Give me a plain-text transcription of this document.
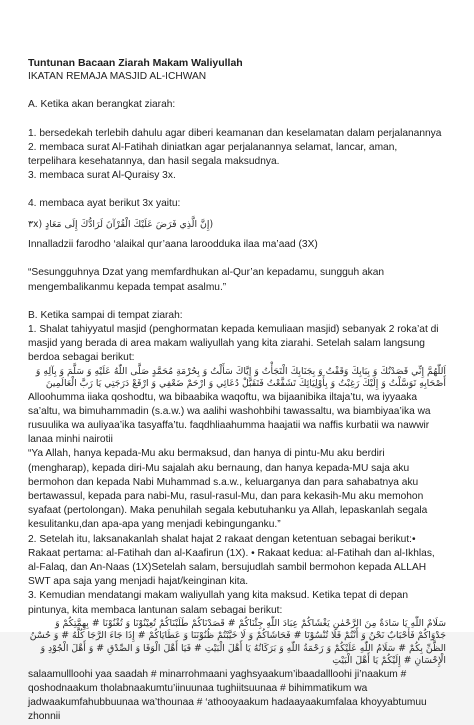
Tuntunan Bacaan Ziarah Makam Waliyullah

IKATAN REMAJA MASJID AL-ICHWAN

A. Ketika akan berangkat ziarah:

1. bersedekah terlebih dahulu agar diberi keamanan dan keselamatan dalam perjalanannya

2. membaca surat Al-Fatihah diniatkan agar perjalanannya selamat, lancar, aman, terpelihara kesehatannya, dan hasil segala maksudnya.

3. membaca surat Al-Quraisy 3x.

4. membaca ayat berikut 3x yaitu:

(إِنَّ الَّذِي فَرَضَ عَلَيْكَ الْقُرْآنَ لَرَادُّكَ إِلَى مَعَادٍ (٣x

Innalladzii farodho ‘alaikal qur’aana laroodduka ilaa ma’aad (3X)

“Sesungguhnya Dzat yang memfardhukan al-Qur’an kepadamu, sungguh akan mengembalikanmu kepada tempat asalmu.”

B. Ketika sampai di tempat ziarah:

1. Shalat tahiyyatul masjid (penghormatan kepada kemuliaan masjid) sebanyak 2 roka’at di masjid yang berada di area makam waliyullah yang kita ziarahi. Setelah salam langsung berdoa sebagai berikut:

اَللّٰهُمَّ إِنِّي قَصَدْتُكَ وَ بِبَابِكَ وَقَفْتُ وَ بِجَنَابِكَ الْتَجَأْتُ وَ إِيَّاكَ سَأَلْتُ وَ بِحُرْمَةِ مُحَمَّدٍ صَلَّى اللّٰهُ عَلَيْهِ وَ سَلَّمَ وَ بِآلِهِ وَ أَصْحَابِهِ تَوَسَّلْتُ وَ إِلَيْكَ رَغِبْتُ وَ بِأَوْلِيَائِكَ تَشَفَّعْتُ فَتَقَبَّلْ دُعَائِي وَ ارْحَمْ ضَعْفِي وَ ارْفَعْ دَرَجَتِي يَا رَبَّ الْعَالَمِينَ

Alloohumma iiaka qoshodtu, wa bibaabika waqoftu, wa bijaanibika iltaja’tu, wa iyyaaka sa’altu, wa bimuhammadin (s.a.w.) wa aalihi washohbihi tawassaltu, wa biambiyaa’ika wa rusuulika wa auliyaa’ika tasyaffa’tu. faqdhliaahumma haajatii wa naffis kurbatii wa nawwir lanaa minhi nairotii

“Ya Allah, hanya kepada-Mu aku bermaksud, dan hanya di pintu-Mu aku berdiri (mengharap), kepada diri-Mu sajalah aku bernaung, dan hanya kepada-MU saja aku bermohon dan kepada Nabi Muhammad s.a.w., keluarganya dan para sahabatnya aku bertawassul, kepada para nabi-Mu, rasul-rasul-Mu, dan para kekasih-Mu aku memohon syafaat (pertolongan). Maka penuhilah segala kebutuhanku ya Allah, lepaskanlah segala kesulitanku,dan apa-apa yang menjadi kebingunganku.”

2. Setelah itu, laksanakanlah shalat hajat 2 rakaat dengan ketentuan sebagai berikut:• Rakaat pertama: al-Fatihah dan al-Kaafirun (1X). • Rakaat kedua: al-Fatihah dan al-Ikhlas, al-Falaq, dan An-Naas (1X)Setelah salam, bersujudlah sambil bermohon kepada ALLAH SWT apa saja yang menjadi hajat/keinginan kita.

3. Kemudian mendatangi makam waliyullah yang kita maksud. Ketika tepat di depan pintunya, kita membaca lantunan salam sebagai berikut:

سَلَامٌ اللّٰهِ يَا سَادَةٌ مِنَ الرَّحْمٰنِ يَغْشَاكُمْ عِبَادَ اللّٰهِ جِئْنَاكُمْ # قَصَدْنَاكُمْ طَلَبْنَاكُمْ تُعِيْنُوْنَا وَ تُغْنُوْنَا # بِهِمَّتِكُمْ وَ جَدْوَاكُمْ فَأَحْبَابٌ نَحْنُ وَ أَنْتُمْ فَلَا تُنْسُوْنَا # فَحَاشَاكُمْ وَ لَا خَيَّبْتُمْ ظُنُوْنَنَا وَ عَطَايَاكُمْ # إِذَا جَاءَ الرَّجَا كُلَّهُ # وَ حُسْنُ الظَّنِّ بِكُمْ # سَلَامُ اللّٰهِ عَلَيْكُمْ وَ رَحْمَةُ اللّٰهِ وَ بَرَكَاتُهُ يَا أَهْلَ الْبَيْتِ # فَيَا أَهْلَ الْوَفَا وَ الصِّدْقِ # وَ أَهْلَ الْجُوْدِ وَ الْإِحْسَانِ # إِلَيْكُمْ يَا أَهْلَ الْبَيْتِ

salaamullloohi yaa saadah # minarrohmaani yaghsyaakum’ibaadallloohi ji’naakum # qoshodnaakum tholabnaakumtu’iinuunaa tughiitsuunaa # bihimmatikum wa jadwaakumfahubbuunaa wa’thounaa # ‘athooyaakum hadaayaakumfalaa khoyyabtumuu zhonnii
